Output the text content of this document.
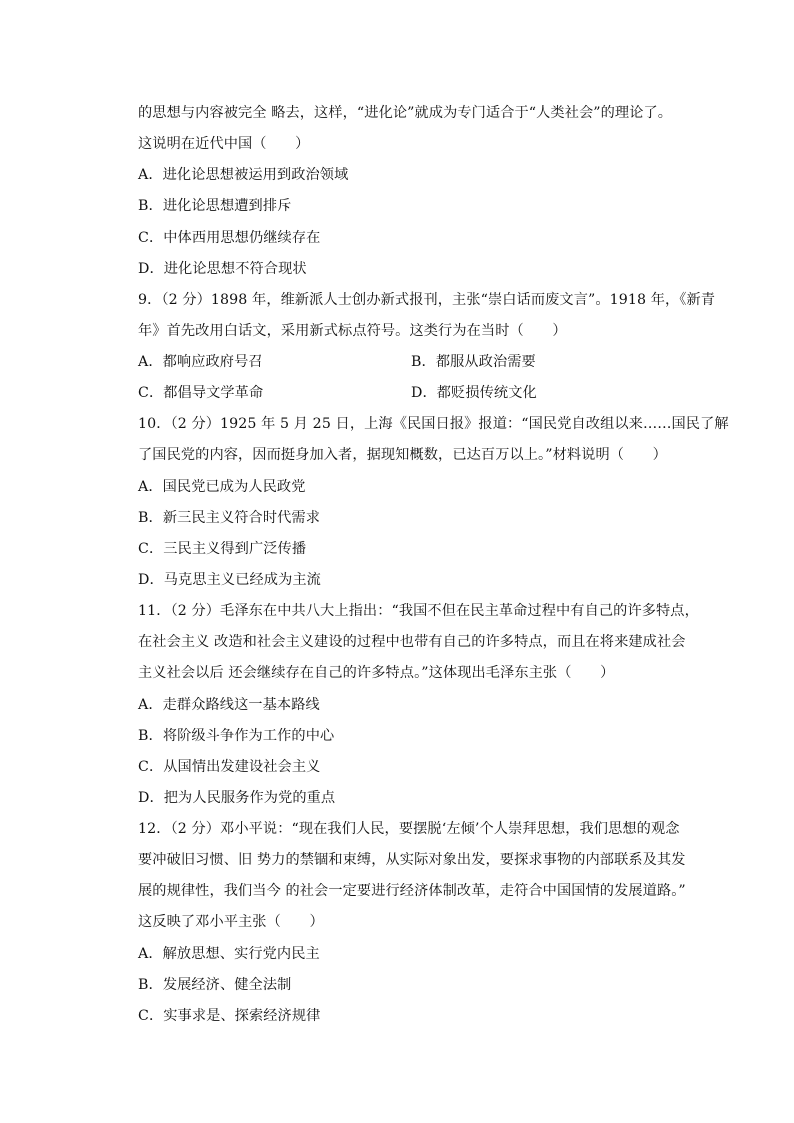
的思想与内容被完全 略去，这样，“进化论”就成为专门适合于“人类社会”的理论了。
这说明在近代中国（　　）
A．进化论思想被运用到政治领域
B．进化论思想遭到排斥
C．中体西用思想仍继续存在
D．进化论思想不符合现状
9．（2 分）1898 年，维新派人士创办新式报刊，主张“崇白话而废文言”。1918 年，《新青
年》首先改用白话文，采用新式标点符号。这类行为在当时（　　）
A．都响应政府号召	B．都服从政治需要
C．都倡导文学革命	D．都贬损传统文化
10．（2 分）1925 年 5 月 25 日，上海《民国日报》报道：“国民党自改组以来……国民了解
了国民党的内容，因而挺身加入者，据现知概数，已达百万以上。”材料说明（　　）
A．国民党已成为人民政党
B．新三民主义符合时代需求
C．三民主义得到广泛传播
D．马克思主义已经成为主流
11．（2 分）毛泽东在中共八大上指出：“我国不但在民主革命过程中有自己的许多特点，
在社会主义 改造和社会主义建设的过程中也带有自己的许多特点，而且在将来建成社会
主义社会以后 还会继续存在自己的许多特点。”这体现出毛泽东主张（　　）
A．走群众路线这一基本路线
B．将阶级斗争作为工作的中心
C．从国情出发建设社会主义
D．把为人民服务作为党的重点
12．（2 分）邓小平说：“现在我们人民，要摆脱‘左倾’个人崇拜思想，我们思想的观念
要冲破旧习惯、旧 势力的禁锢和束缚，从实际对象出发，要探求事物的内部联系及其发
展的规律性，我们当今 的社会一定要进行经济体制改革，走符合中国国情的发展道路。”
这反映了邓小平主张（　　）
A．解放思想、实行党内民主
B．发展经济、健全法制
C．实事求是、探索经济规律
